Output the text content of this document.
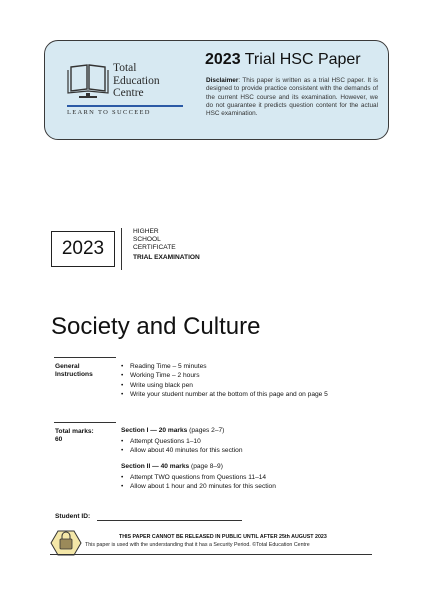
Total
Education
Centre
LEARN TO SUCCEED
2023 Trial HSC Paper
Disclaimer: This paper is written as a trial HSC paper. It is designed to provide practice consistent with the demands of the current HSC course and its examination. However, we do not guarantee it predicts question content for the actual HSC examination.
2023
HIGHER
SCHOOL
CERTIFICATE
TRIAL EXAMINATION
Society and Culture
General
Instructions
• Reading Time – 5 minutes
• Working Time – 2 hours
• Write using black pen
• Write your student number at the bottom of this page and on page 5
Total marks:
60
Section I — 20 marks (pages 2–7)
• Attempt Questions 1–10
• Allow about 40 minutes for this section
Section II — 40 marks (page 8–9)
• Attempt TWO questions from Questions 11–14
• Allow about 1 hour and 20 minutes for this section
Student ID:
THIS PAPER CANNOT BE RELEASED IN PUBLIC UNTIL AFTER 25th AUGUST 2023
This paper is used with the understanding that it has a Security Period. ©Total Education Centre
